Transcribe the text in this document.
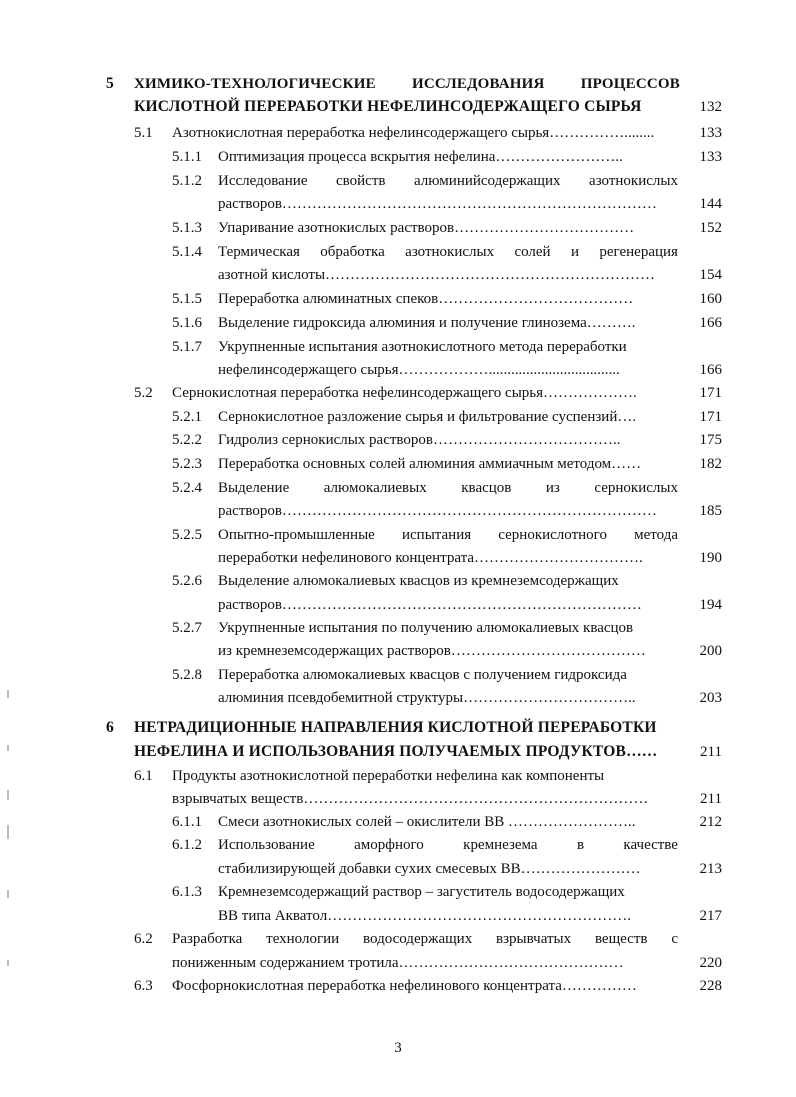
5 ХИМИКО-ТЕХНОЛОГИЧЕСКИЕ ИССЛЕДОВАНИЯ ПРОЦЕССОВ
КИСЛОТНОЙ ПЕРЕРАБОТКИ НЕФЕЛИНСОДЕРЖАЩЕГО СЫРЬЯ	132
5.1 Азотнокислотная переработка нефелинсодержащего сырья……………........	133
5.1.1 Оптимизация процесса вскрытия нефелина……………………..	133
5.1.2 Исследование свойств алюминийсодержащих азотнокислых
растворов…………………………………………………………………	144
5.1.3 Упаривание азотнокислых растворов………………………………	152
5.1.4 Термическая обработка азотнокислых солей и регенерация
азотной кислоты…………………………………………………………	154
5.1.5 Переработка алюминатных спеков…………………………………	160
5.1.6 Выделение гидроксида алюминия и получение глинозема……….	166
5.1.7 Укрупненные испытания азотнокислотного метода переработки
нефелинсодержащего сырья………………...................................	166
5.2 Сернокислотная переработка нефелинсодержащего сырья……………….	171
5.2.1 Сернокислотное разложение сырья и фильтрование суспензий….	171
5.2.2 Гидролиз сернокислых растворов………………………………..	175
5.2.3 Переработка основных солей алюминия аммиачным методом……	182
5.2.4 Выделение алюмокалиевых квасцов из сернокислых
растворов…………………………………………………………………	185
5.2.5 Опытно-промышленные испытания сернокислотного метода
переработки нефелинового концентрата…………………………….	190
5.2.6 Выделение алюмокалиевых квасцов из кремнеземсодержащих
растворов………………………………………………………………	194
5.2.7 Укрупненные испытания по получению алюмокалиевых квасцов
из кремнеземсодержащих растворов…………………………………	200
5.2.8 Переработка алюмокалиевых квасцов с получением гидроксида
алюминия псевдобемитной структуры……………………………..	203
6 НЕТРАДИЦИОННЫЕ НАПРАВЛЕНИЯ КИСЛОТНОЙ ПЕРЕРАБОТКИ
НЕФЕЛИНА И ИСПОЛЬЗОВАНИЯ ПОЛУЧАЕМЫХ ПРОДУКТОВ……	211
6.1 Продукты азотнокислотной переработки нефелина как компоненты
взрывчатых веществ……………………………………………………………	211
6.1.1 Смеси азотнокислых солей – окислители ВВ ……………………..	212
6.1.2 Использование	аморфного	кремнезема	в	качестве
стабилизирующей добавки сухих смесевых ВВ……………………	213
6.1.3 Кремнеземсодержащий раствор – загуститель водосодержащих
ВВ типа Акватол…………………………………………………….	217
6.2 Разработка технологии водосодержащих взрывчатых веществ с
пониженным содержанием тротила………………………………………	220
6.3 Фосфорнокислотная переработка нефелинового концентрата……………	228
3
